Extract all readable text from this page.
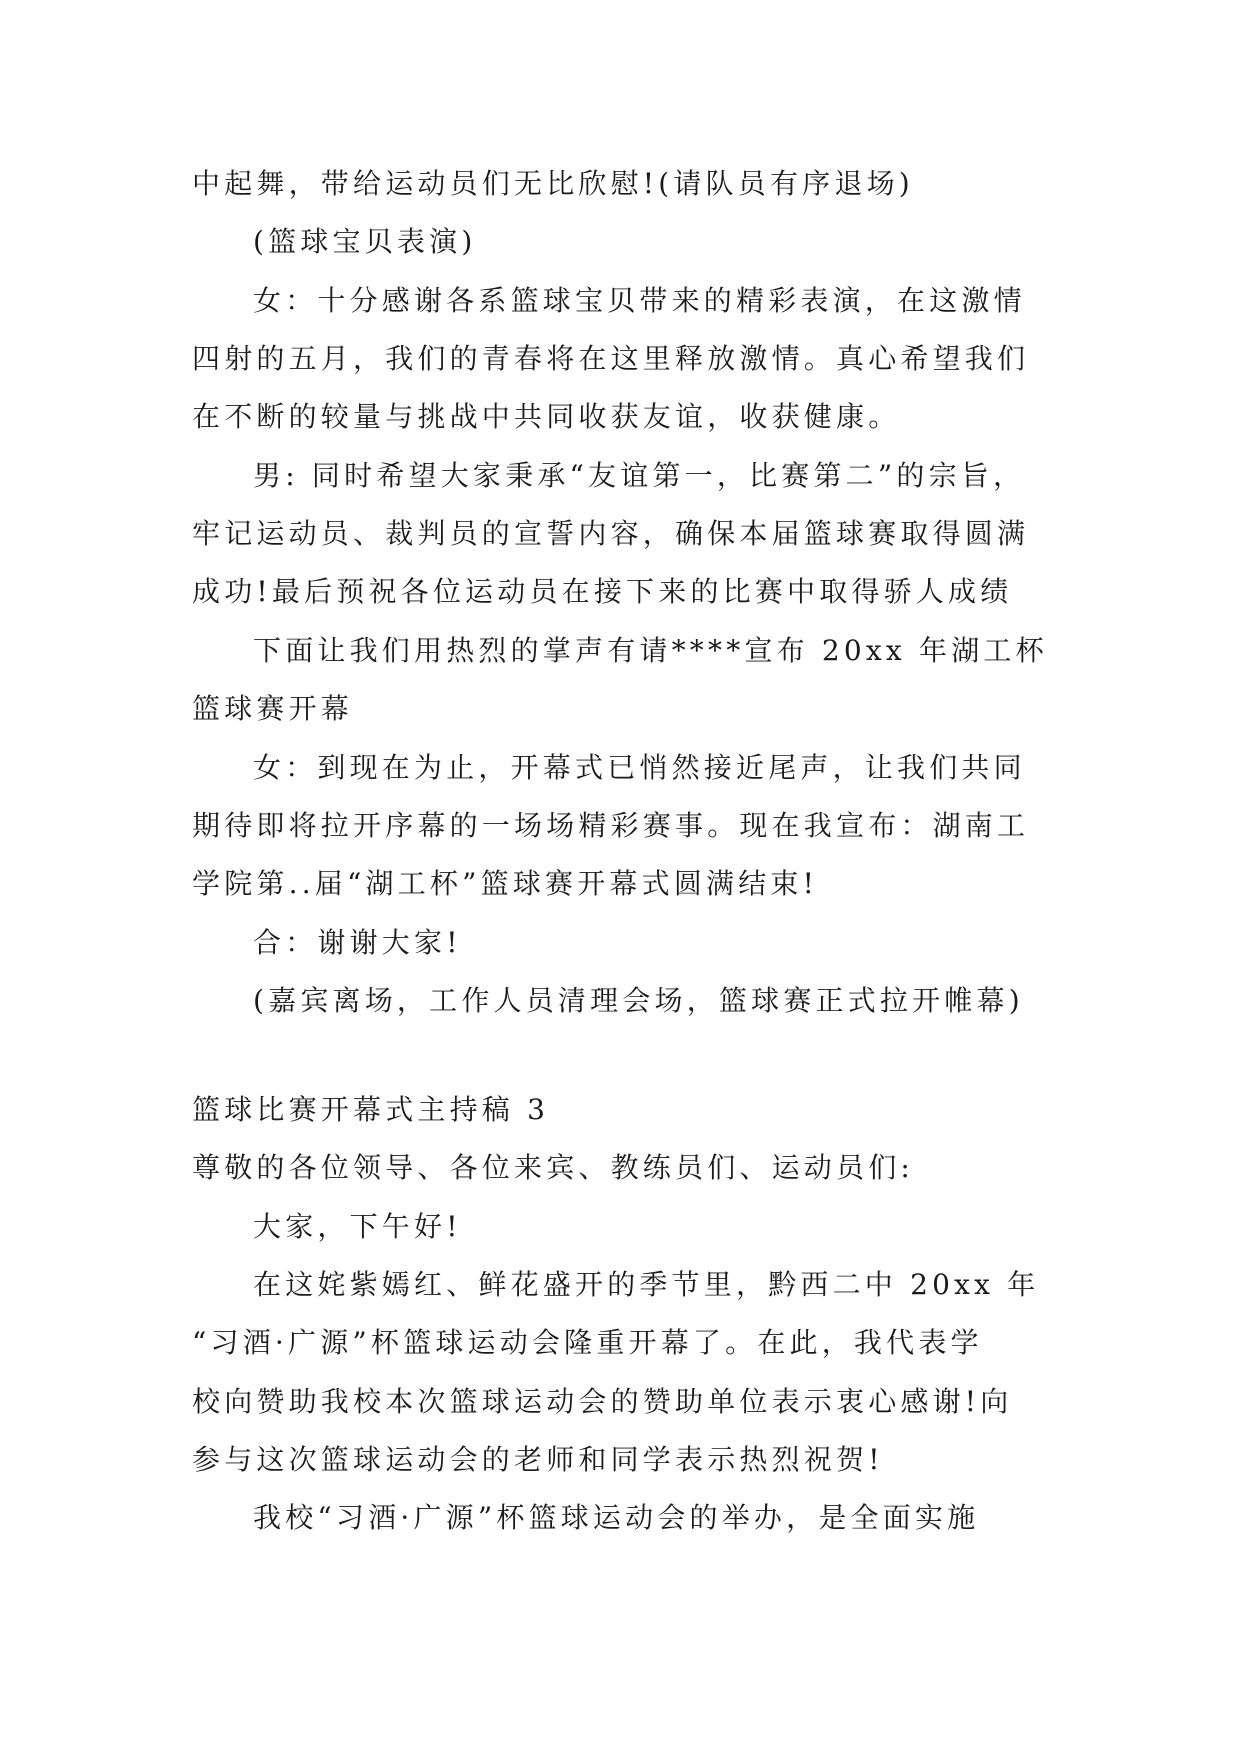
中起舞，带给运动员们无比欣慰!(请队员有序退场)
(篮球宝贝表演)
女：十分感谢各系篮球宝贝带来的精彩表演，在这激情
四射的五月，我们的青春将在这里释放激情。真心希望我们
在不断的较量与挑战中共同收获友谊，收获健康。
男: 同时希望大家秉承“友谊第一，比赛第二”的宗旨，
牢记运动员、裁判员的宣誓内容，确保本届篮球赛取得圆满
成功!最后预祝各位运动员在接下来的比赛中取得骄人成绩
下面让我们用热烈的掌声有请****宣布 20xx 年湖工杯
篮球赛开幕
女：到现在为止，开幕式已悄然接近尾声，让我们共同
期待即将拉开序幕的一场场精彩赛事。现在我宣布：湖南工
学院第..届“湖工杯”篮球赛开幕式圆满结束!
合：谢谢大家!
(嘉宾离场，工作人员清理会场，篮球赛正式拉开帷幕)
篮球比赛开幕式主持稿 3
尊敬的各位领导、各位来宾、教练员们、运动员们:
大家，下午好!
在这姹紫嫣红、鲜花盛开的季节里，黔西二中 20xx 年
“习酒·广源”杯篮球运动会隆重开幕了。在此，我代表学
校向赞助我校本次篮球运动会的赞助单位表示衷心感谢!向
参与这次篮球运动会的老师和同学表示热烈祝贺!
我校“习酒·广源”杯篮球运动会的举办，是全面实施
